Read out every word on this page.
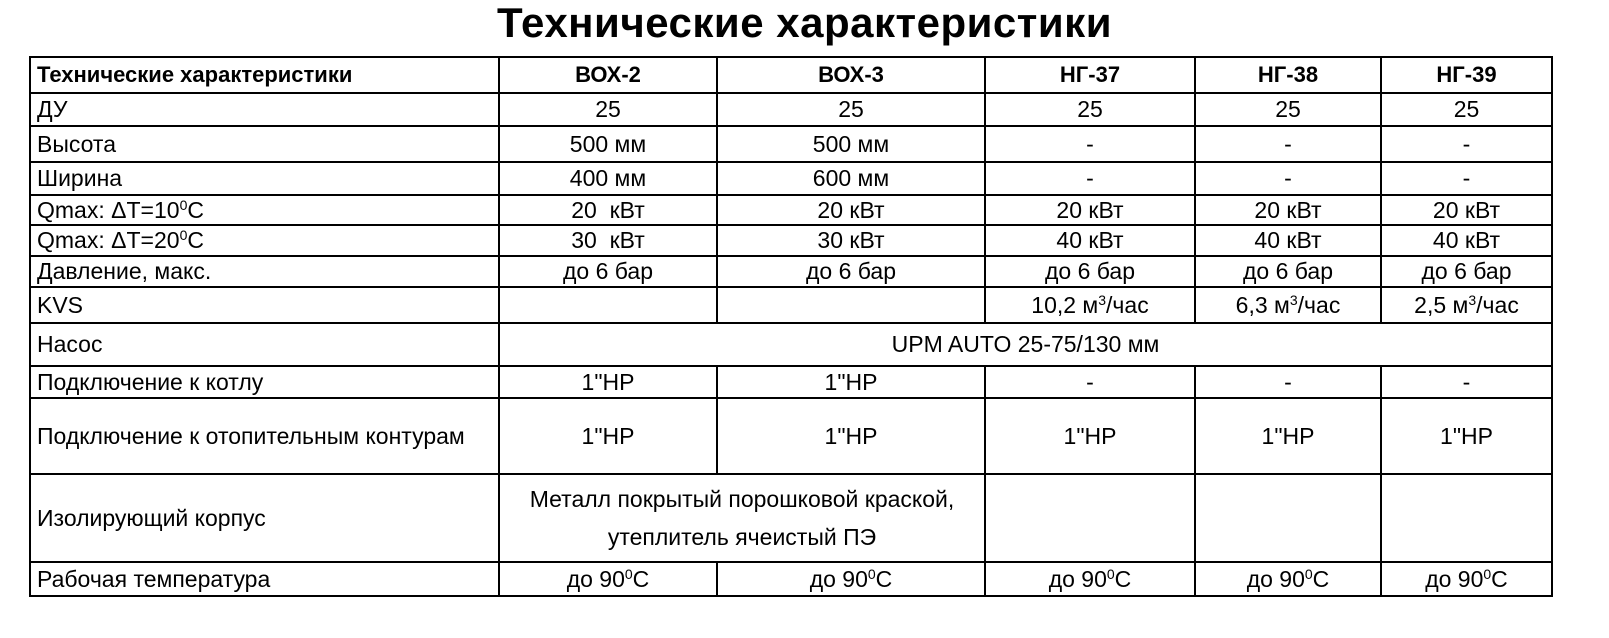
Технические характеристики
Технические характеристики	ВОХ-2	ВОХ-3	НГ-37	НГ-38	НГ-39
ДУ	25	25	25	25	25
Высота	500 мм	500 мм	-	-	-
Ширина	400 мм	600 мм	-	-	-
Qmax: $\Delta T=10^0C$	20  кВт	20 кВт	20 кВт	20 кВт	20 кВт
Qmax: $\Delta T=20^0C$	30  кВт	30 кВт	40 кВт	40 кВт	40 кВт
Давление, макс.	до 6 бар	до 6 бар	до 6 бар	до 6 бар	до 6 бар
KVS			10,2 $м^3$/час	6,3 $м^3$/час	2,5 $м^3$/час
Насос	UPM AUTO 25-75/130 мм				
Подключение к котлу	1"НР	1"НР	-	-	-
Подключение к отопительным контурам	1"НР	1"НР	1"НР	1"НР	1"НР
Изолирующий корпус	Металл покрытый порошковой краской, утеплитель ячеистый ПЭ				
Рабочая температура	до $90^0С$	до $90^0С$	до $90^0С$	до $90^0С$	до $90^0С$
